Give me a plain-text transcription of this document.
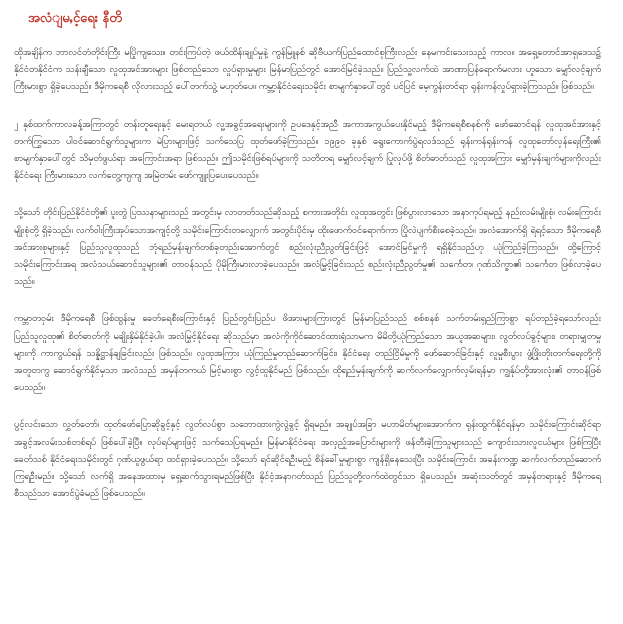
အလံျမႇင့်ရေး နီတိ

ထိုအချိန်က ဘာလင်တံတိုင်းကြီး မပြိုကျသေး။ တင်းကြပ်တဲ့ ဖယ်ထိန်းချုပ်မှုနဲ့ ကွန်မြူနစ် ဆိုဗီယက်ပြည်ထောင်စုကြီးလည်း နေမကင်းသေးသည့် ကာလ။ အရှေ့တောင်အာရှဒေသ၌ နိုင်ငံတနိုင်ငံက သန်းချီသော လူထုအင်အားများ ဖြစ်တည်သော လှုပ်ရှားမှုများ မြန်မာပြည်တွင် အောင်မြင်ခဲ့သည်။ ပြည်သူ့လက်ထဲ အာဏာပြန်ရောက်မလား ဟူသော မျှော်လင့်ချက် ကြီးမားစွာ ရှိခဲ့ပေသည်။ ဒီမိုကရေစီ လိုလားသည့် ပေါ်တက်သွဲ့ မဟုတ်ပေ။ ကမ္ဘာ့နိုင်ငံရေးသမိုင်း စာမျက်နှာပေါ်တွင် ပင်ပြင် မေ့ကွန်းတင်ရာ ရုန်းကန်လှုပ်ရှားခဲ့ကြသည်။ ဖြစ်သည်။

၂ နှစ်ထက်ကာလခန့်အကြာတွင် တန်းတူရေးနှင့် မေးရတယ် လူ့အခွင့်အရေးများကို ဥပဒေနှင့်အညီ အကာအကွယ်ပေးနိုင်မည့် ဒီမိုကရေစီစနစ်ကို ဖော်ဆောင်ရန် လူထုအင်အားနှင့် တက်ကြွသော ပါဝင်ဆောင်ရွက်သူများက မဲပြားများဖြင့် သက်သေပြ ထုတ်ဖော်ခဲ့ကြသည်။ ၁၉၉၀ ခုနှစ် ရွေးကောက်ပွဲရလဒ်သည် ရုန်းကန်ရုန်းကန် လူထုတော်လှန်ရေးကြီး၏ စာမျက်နှာပေါ်တွင် သိမှတ်ဖွယ်ရာ အကြောင်းအရာ ဖြစ်သည်။ ဤသမိုင်းဖြစ်ရပ်များကို သတိတရ မျှော်လင့်ချက် ပြုလုပ်ဖို့ စိတ်ဓာတ်သည် လူထုအကြား မျှော်မှန်းချက်များကိုလည်း နိုင်ငံရေး ကြီးမားသော လက်တွေ့ကျကျ အမြဲတမ်း ဖော်ကျူးပြပေးပေသည်။

သို့သော် တိုင်းပြည်နိုင်ငံတို့၏ ပူးတွဲ ပြဿနာများသည် အတွင်းမှ လာတတ်သည်ဆိုသည့် စကားအတိုင်း လူထုအတွင်း ဖြစ်ပွားလာသော အနာကုပ်ရမည့် နည်းလမ်းမျိုးစုံ၊ လမ်းကြောင်းမျိုးစုံတို့ ရှိခဲ့သည်။ လက်ဝါးကြီးအုပ်သောအကျင့်တို့ သမိုင်းကြောင်းတလျှောက် အတွင်းပိုင်းမှ ထိုးဖောက်ဝင်ရောက်ကာ ပြိုလဲပျက်စီးစေခဲ့သည်။ အလံအောက်ရှိ ရဲရင့်သော ဒီမိုကရေစီ အင်အားစုများနှင့် ပြည်သူလူထုသည် ဘုံရည်မှန်းချက်တစ်ခုတည်းအောက်တွင် စည်းလုံးညီညွတ်ခြင်းဖြင့် အောင်မြင်မှုကို ရရှိနိုင်သည်ဟု ယုံကြည်ခဲ့ကြသည်။ ထို့ကြောင့် သမိုင်းကြောင်းအရ အလံသယ်ဆောင်သူများ၏ တာဝန်သည် ပိုမိုကြီးမားလာခဲ့ပေသည်။ အလံမြှင့်ခြင်းသည် စည်းလုံးညီညွတ်မှု၏ သင်္ကေတ၊ ဂုဏ်သိက္ခာ၏ သင်္ကေတ ဖြစ်လာခဲ့ပေသည်။

ကမ္ဘာတဝှမ်း ဒီမိုကရေစီ ဖြစ်ထွန်းမှု ခေတ်ရေစီးကြောင်းနှင့် ပြည်တွင်းပြည်ပ ဖိအားများကြားတွင် မြန်မာပြည်သည် စစ်စနစ် သက်တမ်းရှည်ကြာစွာ ရပ်တည်ခဲ့ရသော်လည်း ပြည်သူလူထု၏ စိတ်ဓာတ်ကို မချိုးနှိမ်နိုင်ခဲ့ပါ။ အလံမြှင့်နိုင်ရေး ဆိုသည်မှာ အလံကိုကိုင်ဆောင်ထားရုံသာမက မိမိတို့ယုံကြည်သော အယူအဆများ၊ လွတ်လပ်ခွင့်များ၊ တရားမျှတမှုများကို ကာကွယ်ရန် သန္နိဋ္ဌာန်ချခြင်းလည်း ဖြစ်သည်။ လူထုအကြား ယုံကြည်မှုတည်ဆောက်ခြင်း၊ နိုင်ငံရေး တည်ငြိမ်မှုကို ဖော်ဆောင်ခြင်းနှင့် လူမှုစီးပွား ဖွံ့ဖြိုးတိုးတက်ရေးတို့ကို အတူတကွ ဆောင်ရွက်နိုင်မှသာ အလံသည် အမှန်တကယ် မြင့်မားစွာ လွင့်ထူနိုင်မည် ဖြစ်သည်။ ထိုရည်မှန်းချက်ကို ဆက်လက်လျှောက်လှမ်းရန်မှာ ကျွန်ုပ်တို့အားလုံး၏ တာဝန်ဖြစ်ပေသည်။

ပွင့်လင်းသော လွှတ်တော်၊ ထုတ်ဖော်ပြောဆိုခွင့်နှင့် လွတ်လပ်စွာ သဘောထားကွဲလွဲခွင့် ရှိရမည်။ အချုပ်အခြာ မဟာမိတ်များအောက်က ရုန်းထွက်နိုင်ရန်မှာ သမိုင်းကြောင်းဆိုင်ရာ အခွင့်အလမ်းသစ်တစ်ရပ် ဖြစ်ပေါ်ခဲ့ပြီ။ လုပ်ရပ်များဖြင့် သက်သေပြရမည်။ မြန်မာနိုင်ငံရေး အလှည့်အပြောင်းများကို ဖန်တီးခဲ့ကြသူများသည် ကျောင်းသားလူငယ်များ ဖြစ်ကြပြီး ခေတ်သစ် နိုင်ငံရေးသမိုင်းတွင် ဂုဏ်ယူဖွယ်ရာ ထင်ရှားခဲ့ပေသည်။ သို့သော် ရင်ဆိုင်ရဦးမည့် စိန်ခေါ်မှုများစွာ ကျန်ရှိနေသေးပြီး သမိုင်းကြောင်း အခန်းကဏ္ဍ ဆက်လက်တည်ဆောက်ကြရဦးမည်။ သို့သော် လက်ရှိ အနေအထားမှ ရှေ့ဆက်သွားရမည်ဖြစ်ပြီး နိုင်ငံ့အနာဂတ်သည် ပြည်သူတို့လက်ထဲတွင်သာ ရှိပေသည်။ အဆုံးသတ်တွင် အမှန်တရားနှင့် ဒီမိုကရေစီသည်သာ အောင်ပွဲခံမည် ဖြစ်ပေသည်။
